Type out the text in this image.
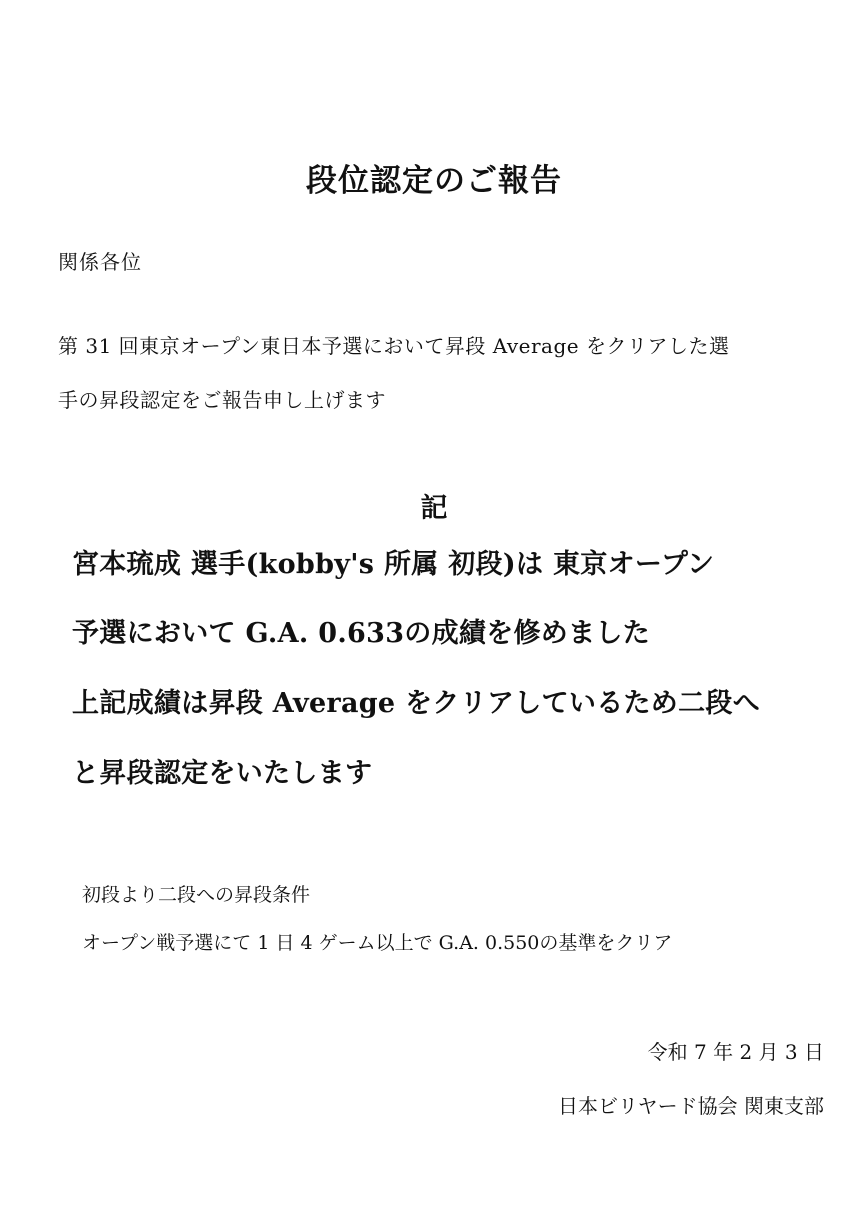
段位認定のご報告
関係各位
第 31 回東京オープン東日本予選において昇段 Average をクリアした選
手の昇段認定をご報告申し上げます
記
宮本琉成 選手(kobby's 所属 初段)は 東京オープン
予選において G.A. 0.633の成績を修めました
上記成績は昇段 Average をクリアしているため二段へ
と昇段認定をいたします
初段より二段への昇段条件
オープン戦予選にて 1 日 4 ゲーム以上で G.A. 0.550の基準をクリア
令和 7 年 2 月 3 日
日本ビリヤード協会 関東支部
